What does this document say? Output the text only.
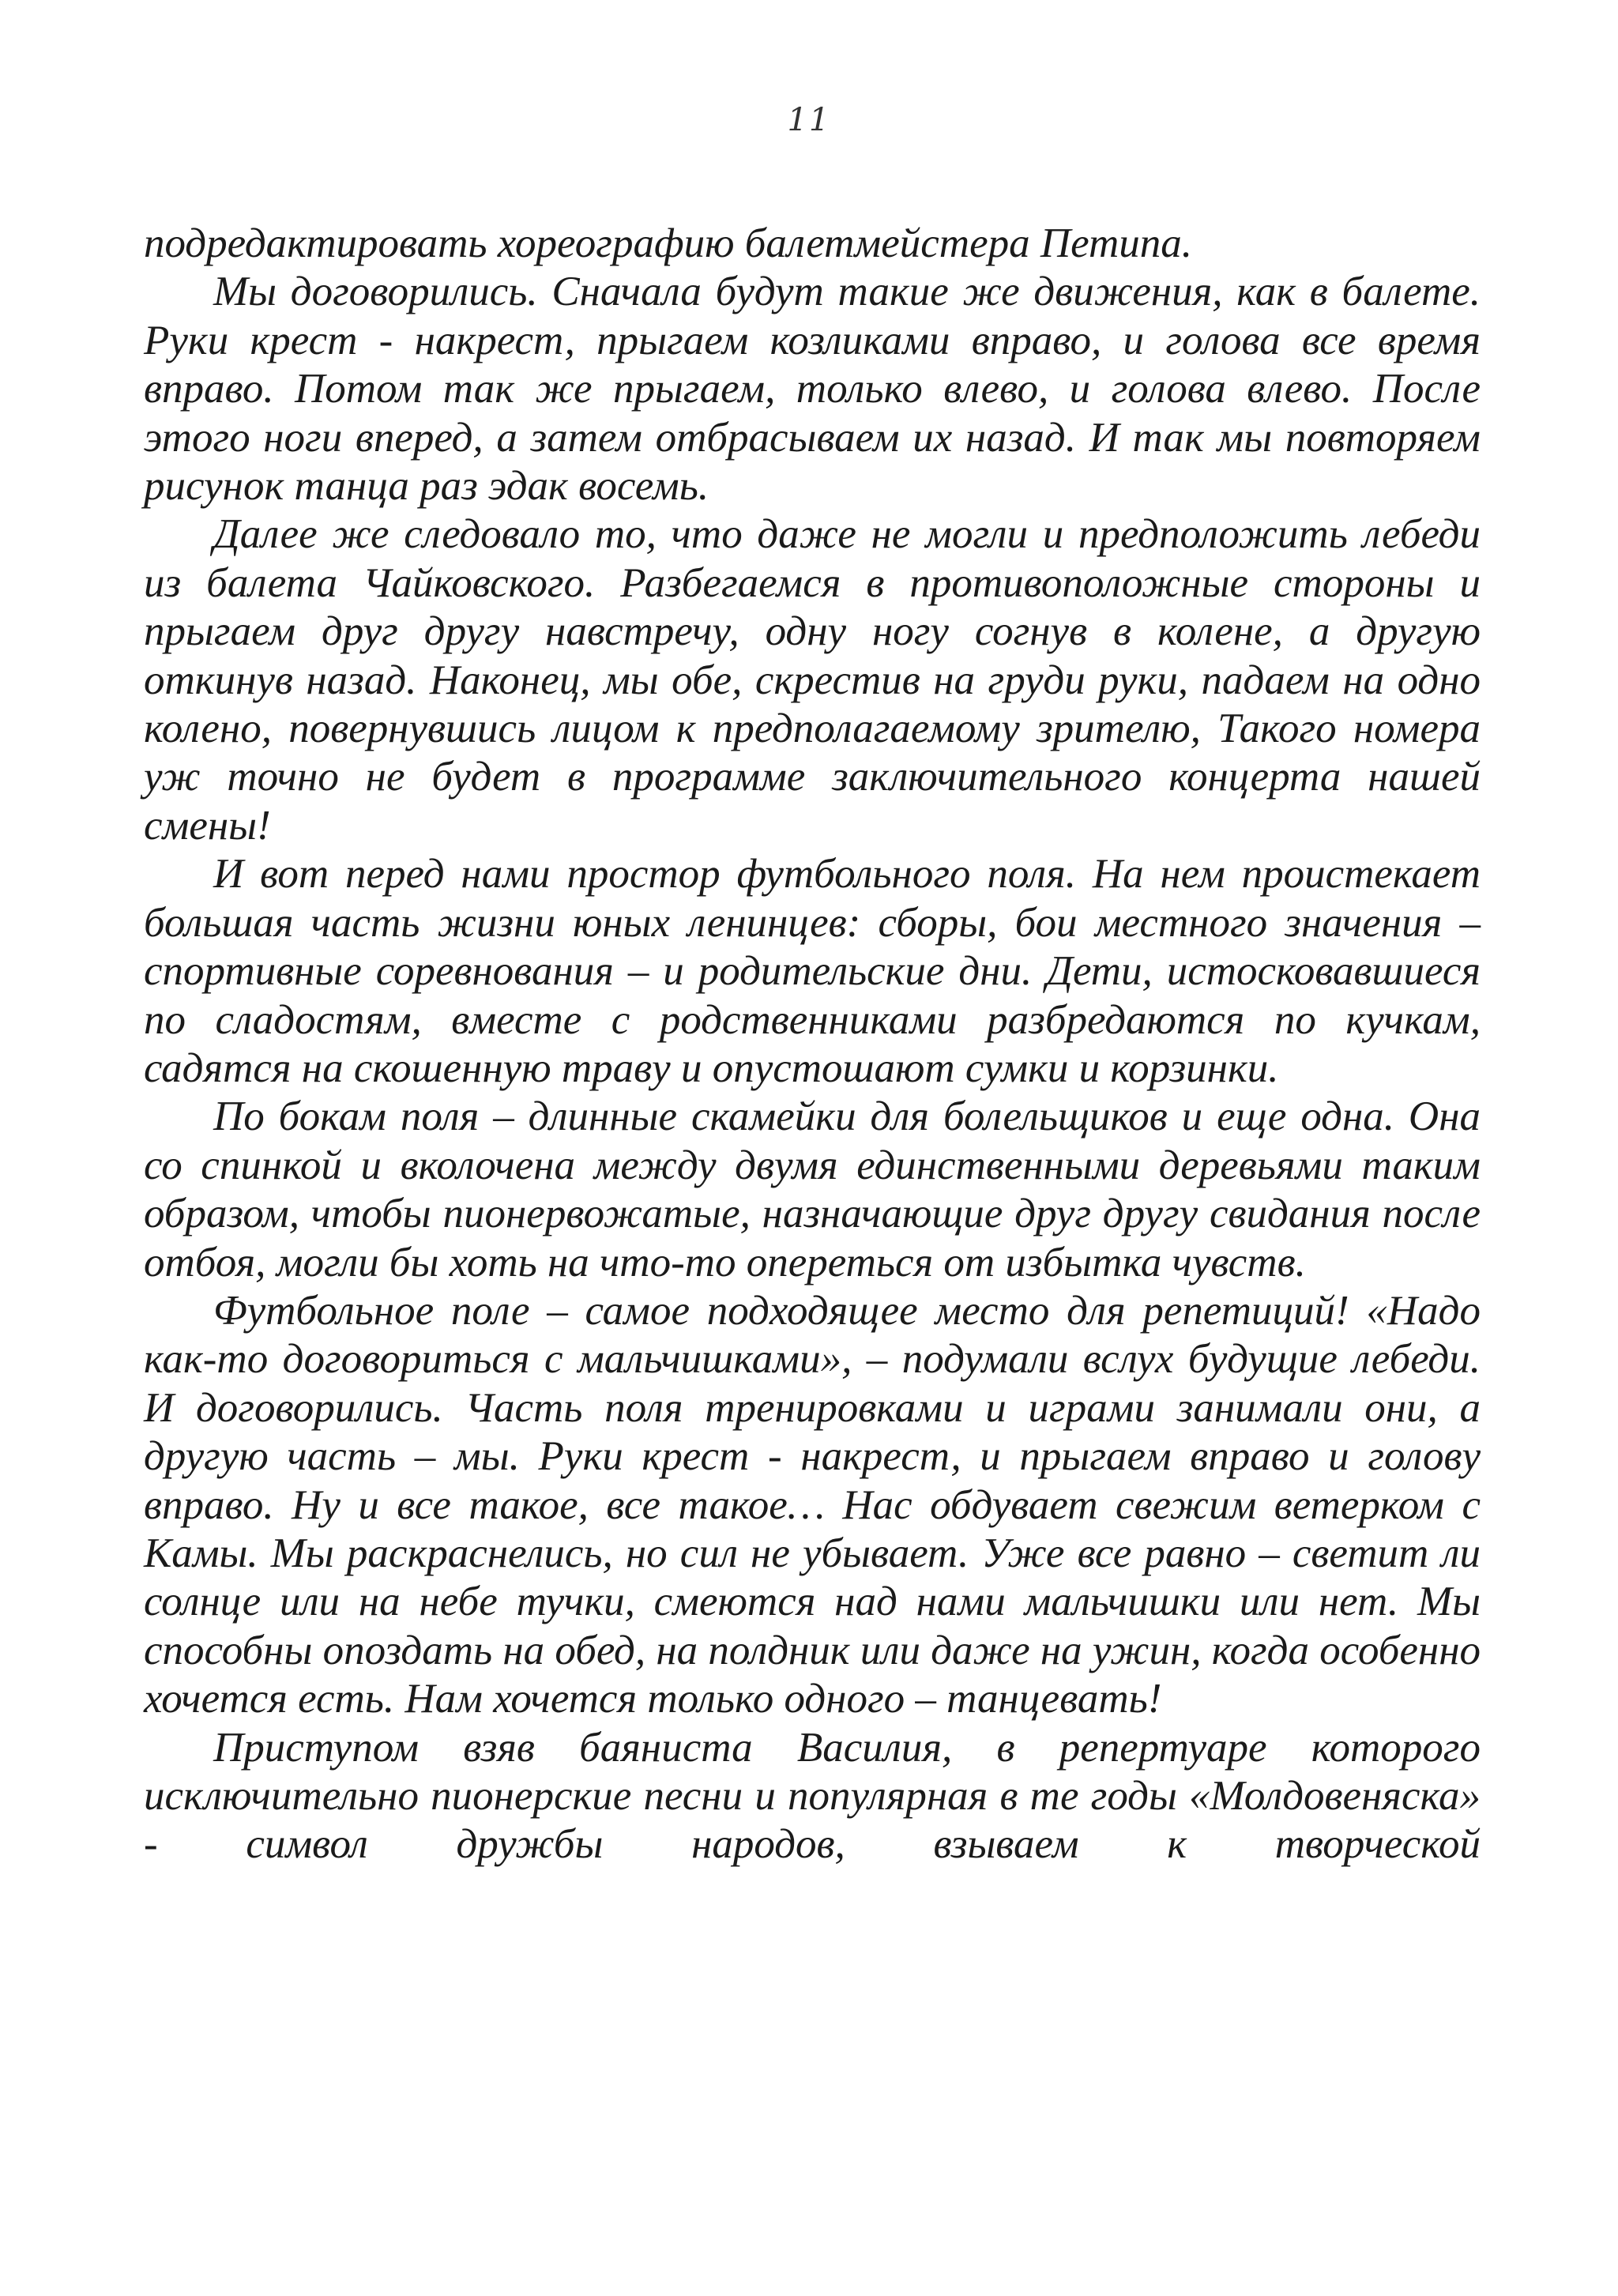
11

подредактировать хореографию балетмейстера Петипа.

Мы договорились. Сначала будут такие же движения, как в балете. Руки крест - накрест, прыгаем козликами вправо, и голова все время вправо. Потом так же прыгаем, только влево, и голова влево. После этого ноги вперед, а затем отбрасываем их назад. И так мы повторяем рисунок танца раз эдак восемь.

Далее же следовало то, что даже не могли и предположить лебеди из балета Чайковского. Разбегаемся в противоположные стороны и прыгаем друг другу навстречу, одну ногу согнув в колене, а другую откинув назад. Наконец, мы обе, скрестив на груди руки, падаем на одно колено, повернувшись лицом к предполагаемому зрителю, Такого номера уж точно не будет в программе заключительного концерта нашей смены!

И вот перед нами простор футбольного поля. На нем проистекает большая часть жизни юных ленинцев: сборы, бои местного значения – спортивные соревнования – и родительские дни. Дети, истосковавшиеся по сладостям, вместе с родственниками разбредаются по кучкам, садятся на скошенную траву и опустошают сумки и корзинки.

По бокам поля – длинные скамейки для болельщиков и еще одна. Она со спинкой и вколочена между двумя единственными деревьями таким образом, чтобы пионервожатые, назначающие друг другу свидания после отбоя, могли бы хоть на что-то опереться от избытка чувств.

Футбольное поле – самое подходящее место для репетиций! «Надо как-то договориться с мальчишками», – подумали вслух будущие лебеди. И договорились. Часть поля тренировками и играми занимали они, а другую часть – мы. Руки крест - накрест, и прыгаем вправо и голову вправо. Ну и все такое, все такое… Нас обдувает свежим ветерком с Камы. Мы раскраснелись, но сил не убывает. Уже все равно – светит ли солнце или на небе тучки, смеются над нами мальчишки или нет. Мы способны опоздать на обед, на полдник или даже на ужин, когда особенно хочется есть. Нам хочется только одного – танцевать!

Приступом взяв баяниста Василия, в репертуаре которого исключительно пионерские песни и популярная в те годы «Молдовеняска» - символ дружбы народов, взываем к творческой
